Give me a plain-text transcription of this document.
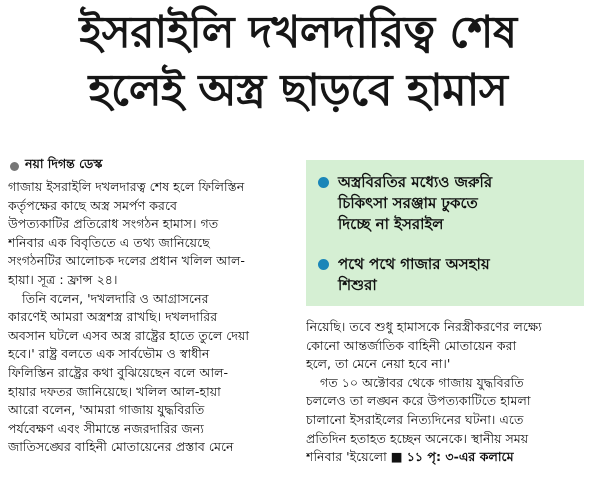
ইসরাইলি দখলদারিত্ব শেষ
হলেই অস্ত্র ছাড়বে হামাস
নয়া দিগন্ত ডেস্ক
অস্ত্রবিরতির মধ্যেও জরুরি
চিকিৎসা সরঞ্জাম ঢুকতে
দিচ্ছে না ইসরাইল
পথে পথে গাজার অসহায়
শিশুরা
গাজায় ইসরাইলি দখলদারত্ব শেষ হলে ফিলিস্তিন
কর্তৃপক্ষের কাছে অস্ত্র সমর্পণ করবে
উপত্যকাটির প্রতিরোধ সংগঠন হামাস। গত
শনিবার এক বিবৃতিতে এ তথ্য জানিয়েছে
সংগঠনটির আলোচক দলের প্রধান খলিল আল-
হায়া। সূত্র : ফ্রান্স ২৪।
তিনি বলেন, 'দখলদারি ও আগ্রাসনের
কারণেই আমরা অস্ত্রশস্ত্র রাখছি। দখলদারির
অবসান ঘটলে এসব অস্ত্র রাষ্ট্রের হাতে তুলে দেয়া
হবে।' রাষ্ট্র বলতে এক সার্বভৌম ও স্বাধীন
ফিলিস্তিন রাষ্ট্রের কথা বুঝিয়েছেন বলে আল-
হায়ার দফতর জানিয়েছে। খলিল আল-হায়া
আরো বলেন, 'আমরা গাজায় যুদ্ধবিরতি
পর্যবেক্ষণ এবং সীমান্তে নজরদারির জন্য
জাতিসঙ্ঘের বাহিনী মোতায়েনের প্রস্তাব মেনে
নিয়েছি। তবে শুধু হামাসকে নিরস্ত্রীকরণের লক্ষ্যে
কোনো আন্তর্জাতিক বাহিনী মোতায়েন করা
হলে, তা মেনে নেয়া হবে না।'
গত ১০ অক্টোবর থেকে গাজায় যুদ্ধবিরতি
চললেও তা লঙ্ঘন করে উপত্যকাটিতে হামলা
চালানো ইসরাইলের নিত্যদিনের ঘটনা। এতে
প্রতিদিন হতাহত হচ্ছেন অনেকে। স্থানীয় সময়
শনিবার 'ইয়েলো ■ ১১ পৃ: ৩-এর কলামে
